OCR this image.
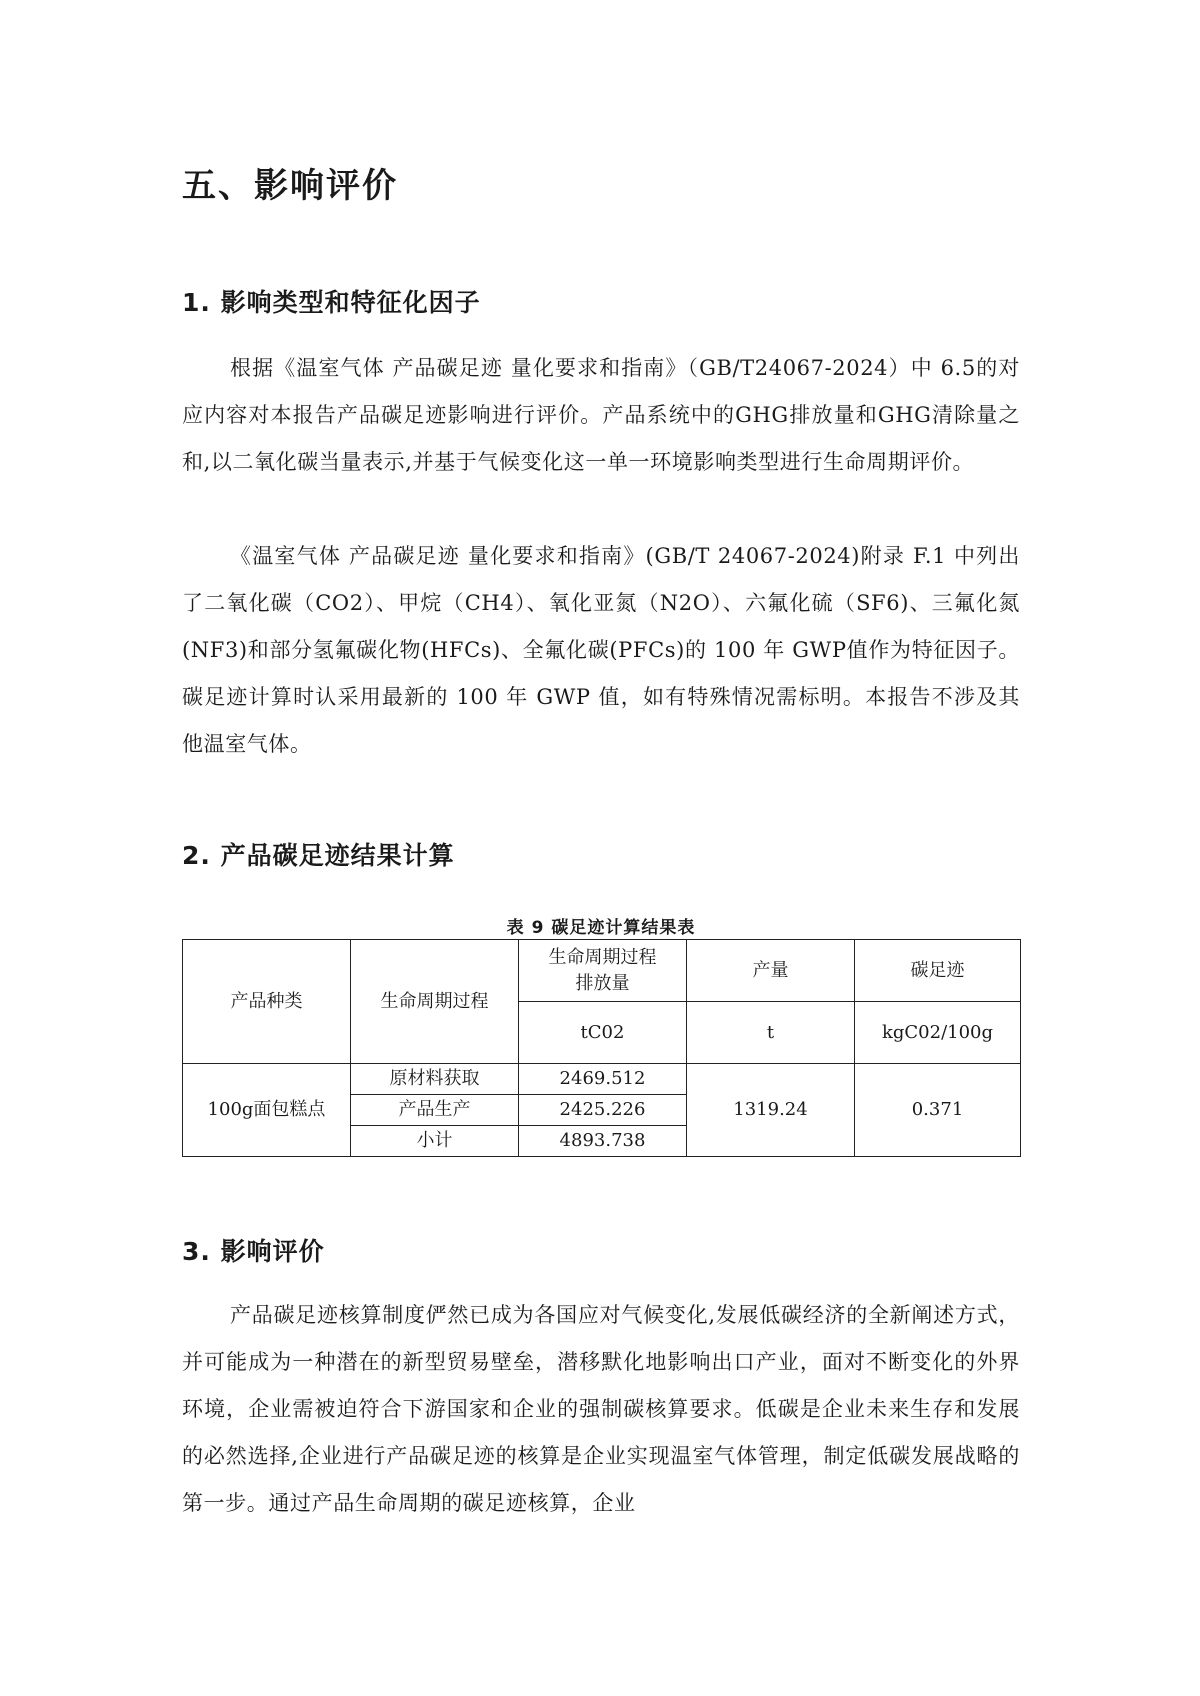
五、影响评价
1. 影响类型和特征化因子

根据《温室气体 产品碳足迹 量化要求和指南》（GB/T24067-2024）中 6.5的对应内容对本报告产品碳足迹影响进行评价。产品系统中的GHG排放量和GHG清除量之和,以二氧化碳当量表示,并基于气候变化这一单一环境影响类型进行生命周期评价。

《温室气体 产品碳足迹 量化要求和指南》(GB/T 24067-2024)附录 F.1 中列出了二氧化碳（CO2）、甲烷（CH4）、氧化亚氮（N2O）、六氟化硫（SF6)、三氟化氮(NF3)和部分氢氟碳化物(HFCs)、全氟化碳(PFCs)的 100 年 GWP值作为特征因子。碳足迹计算时认采用最新的 100 年 GWP 值，如有特殊情况需标明。本报告不涉及其他温室气体。

2. 产品碳足迹结果计算
表 9 碳足迹计算结果表
产品种类	生命周期过程	生命周期过程排放量	产量	碳足迹
		tC02	t	kgC02/100g
100g面包糕点	原材料获取	2469.512	1319.24	0.371
	产品生产	2425.226		
	小计	4893.738		
3. 影响评价

产品碳足迹核算制度俨然已成为各国应对气候变化,发展低碳经济的全新阐述方式，并可能成为一种潜在的新型贸易壁垒，潜移默化地影响出口产业，面对不断变化的外界环境，企业需被迫符合下游国家和企业的强制碳核算要求。低碳是企业未来生存和发展的必然选择,企业进行产品碳足迹的核算是企业实现温室气体管理，制定低碳发展战略的第一步。通过产品生命周期的碳足迹核算，企业
